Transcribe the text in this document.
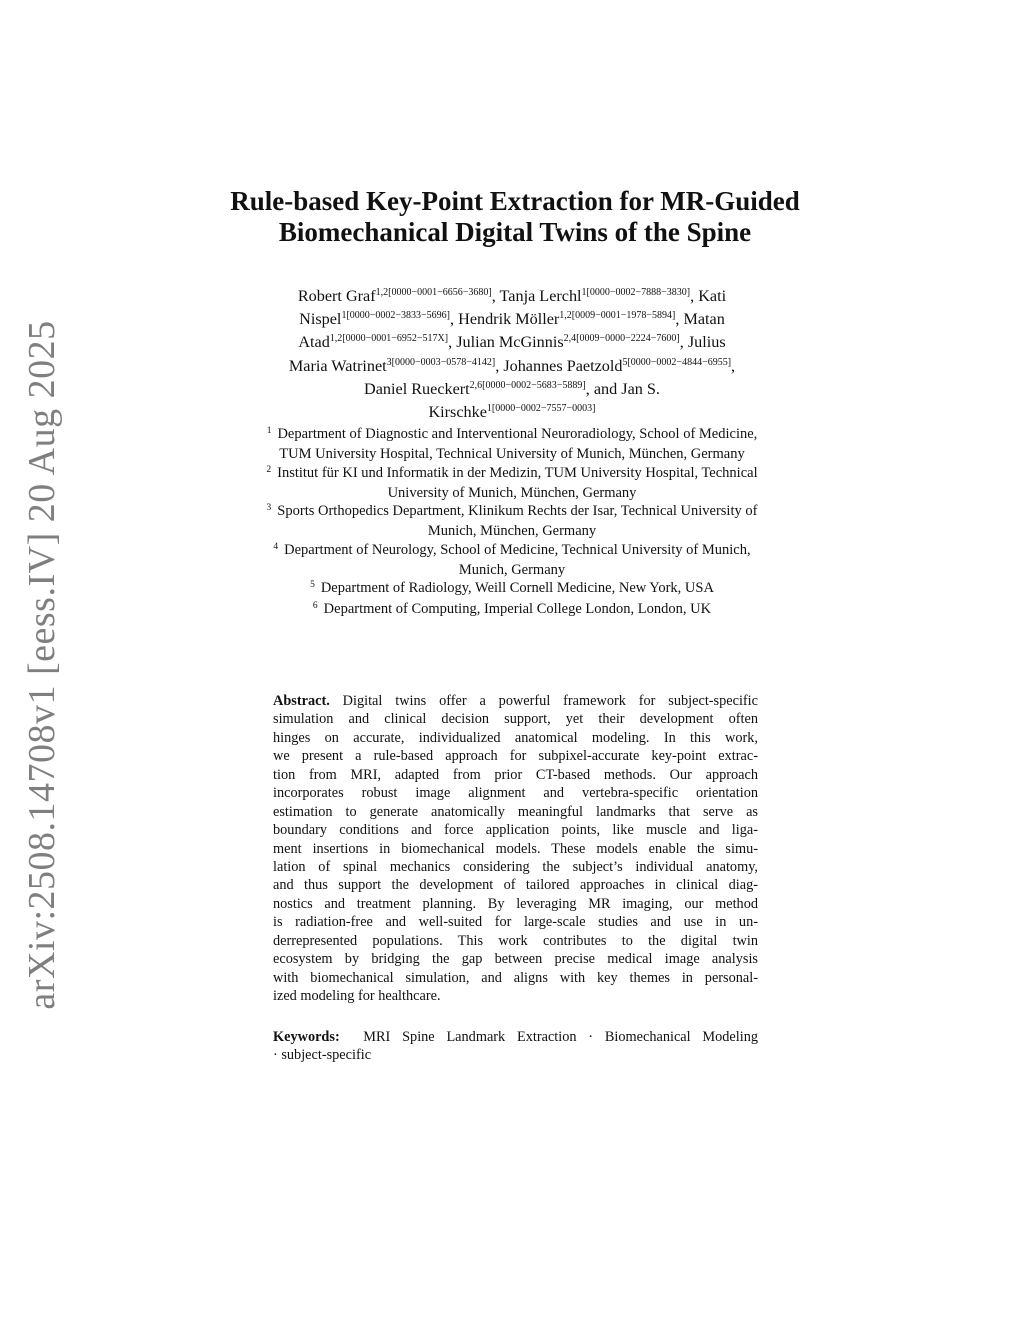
arXiv:2508.14708v1 [eess.IV] 20 Aug 2025
Rule-based Key-Point Extraction for MR-Guided
Biomechanical Digital Twins of the Spine
Robert Graf$^{1,2[0000-0001-6656-3680]}$, Tanja Lerchl$^{1[0000-0002-7888-3830]}$, Kati
Nispel$^{1[0000-0002-3833-5696]}$, Hendrik Möller$^{1,2[0009-0001-1978-5894]}$, Matan
Atad$^{1,2[0000-0001-6952-517X]}$, Julian McGinnis$^{2,4[0009-0000-2224-7600]}$, Julius
Maria Watrinet$^{3[0000-0003-0578-4142]}$, Johannes Paetzold$^{5[0000-0002-4844-6955]}$,
Daniel Rueckert$^{2,6[0000-0002-5683-5889]}$, and Jan S.
Kirschke$^{1[0000-0002-7557-0003]}$
$^1$ Department of Diagnostic and Interventional Neuroradiology, School of Medicine,
TUM University Hospital, Technical University of Munich, München, Germany
$^2$ Institut für KI und Informatik in der Medizin, TUM University Hospital, Technical
University of Munich, München, Germany
$^3$ Sports Orthopedics Department, Klinikum Rechts der Isar, Technical University of
Munich, München, Germany
$^4$ Department of Neurology, School of Medicine, Technical University of Munich,
Munich, Germany
$^5$ Department of Radiology, Weill Cornell Medicine, New York, USA
$^6$ Department of Computing, Imperial College London, London, UK
Abstract. Digital twins offer a powerful framework for subject-specific
simulation and clinical decision support, yet their development often
hinges on accurate, individualized anatomical modeling. In this work,
we present a rule-based approach for subpixel-accurate key-point extrac-
tion from MRI, adapted from prior CT-based methods. Our approach
incorporates robust image alignment and vertebra-specific orientation
estimation to generate anatomically meaningful landmarks that serve as
boundary conditions and force application points, like muscle and liga-
ment insertions in biomechanical models. These models enable the simu-
lation of spinal mechanics considering the subject’s individual anatomy,
and thus support the development of tailored approaches in clinical diag-
nostics and treatment planning. By leveraging MR imaging, our method
is radiation-free and well-suited for large-scale studies and use in un-
derrepresented populations. This work contributes to the digital twin
ecosystem by bridging the gap between precise medical image analysis
with biomechanical simulation, and aligns with key themes in personal-
ized modeling for healthcare.
Keywords: MRI Spine Landmark Extraction · Biomechanical Modeling
· subject-specific
